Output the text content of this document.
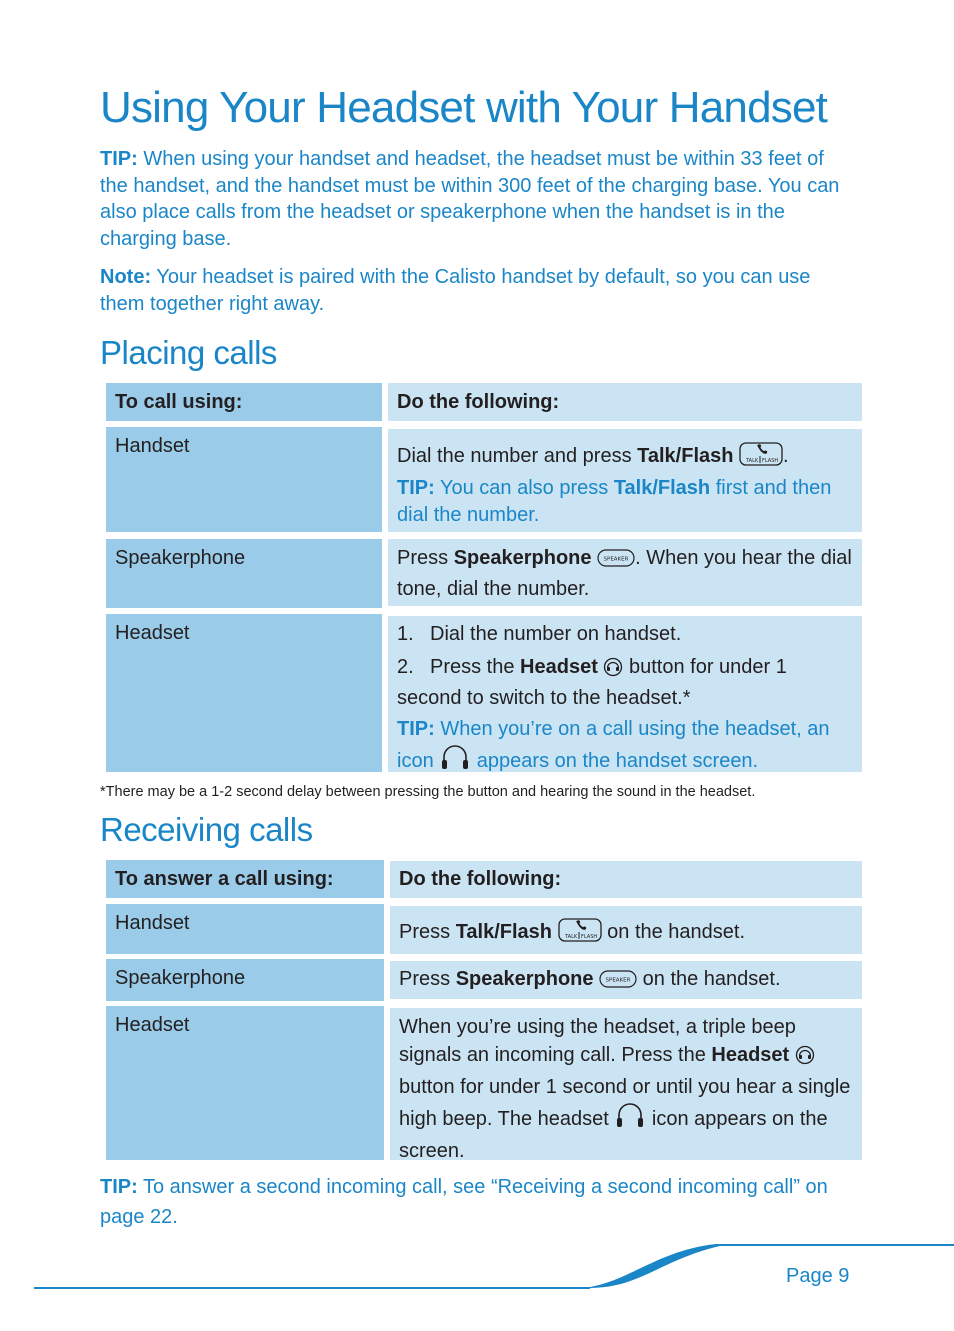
Using Your Headset with Your Handset
TIP: When using your handset and headset, the headset must be within 33 feet of the handset, and the handset must be within 300 feet of the charging base. You can also place calls from the headset or speakerphone when the handset is in the charging base.
Note: Your headset is paired with the Calisto handset by default, so you can use them together right away.
Placing calls
To call using:	Do the following:
Handset	Dial the number and press Talk/Flash	TALK FLASH .
TIP: You can also press Talk/Flash first and then dial the number.
Speakerphone	Press Speakerphone SPEAKER . When you hear the dial tone, dial the number.
Headset	1. Dial the number on handset.
2. Press the Headset  button for under 1 second to switch to the headset.*
TIP: When you’re on a call using the headset, an icon  appears on the handset screen.
*There may be a 1-2 second delay between pressing the button and hearing the sound in the headset.
Receiving calls
To answer a call using:	Do the following:
Handset	Press Talk/Flash	TALK FLASH on the handset.
Speakerphone	Press Speakerphone SPEAKER on the handset.
Headset	When you’re using the headset, a triple beep signals an incoming call. Press the Headset  button for under 1 second or until you hear a single high beep. The headset  icon appears on the screen.
TIP: To answer a second incoming call, see “Receiving a second incoming call” on page 22.
Page 9
